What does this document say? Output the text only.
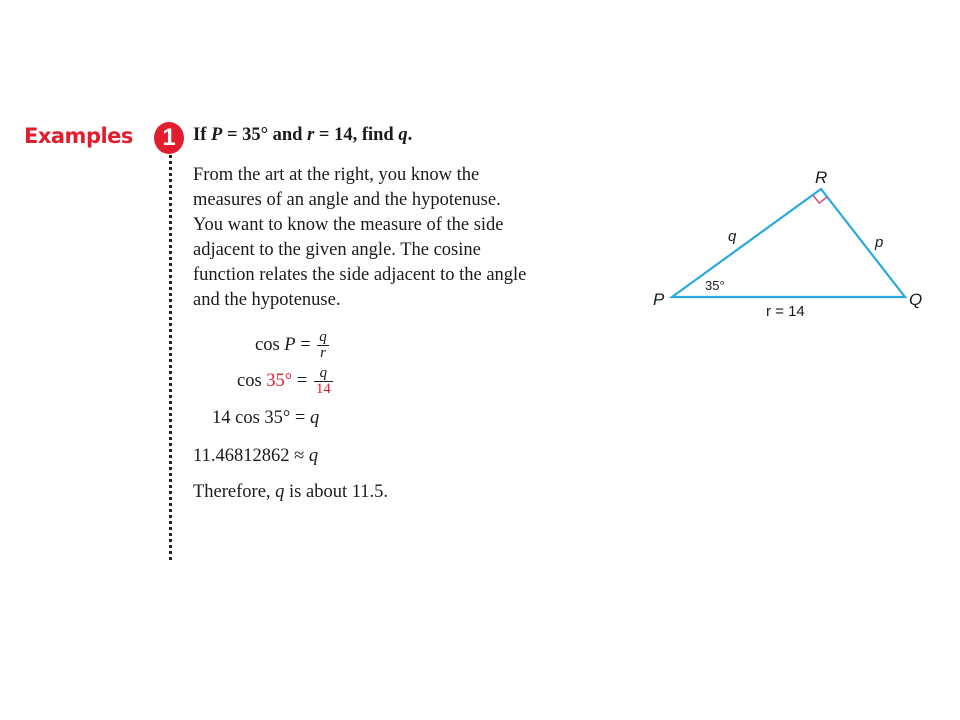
Examples	1 If P = 35° and r = 14, find q.
From the art at the right, you know the
measures of an angle and the hypotenuse.
You want to know the measure of the side
adjacent to the given angle. The cosine
function relates the side adjacent to the angle
and the hypotenuse.
$\cos P = \frac{q}{r}$
$\cos 35^\circ = \frac{q}{14}$
14 cos 35° = q
11.46812862 ≈ q
Therefore, q is about 11.5.
P	Q
R
q	p
r = 14
35°
